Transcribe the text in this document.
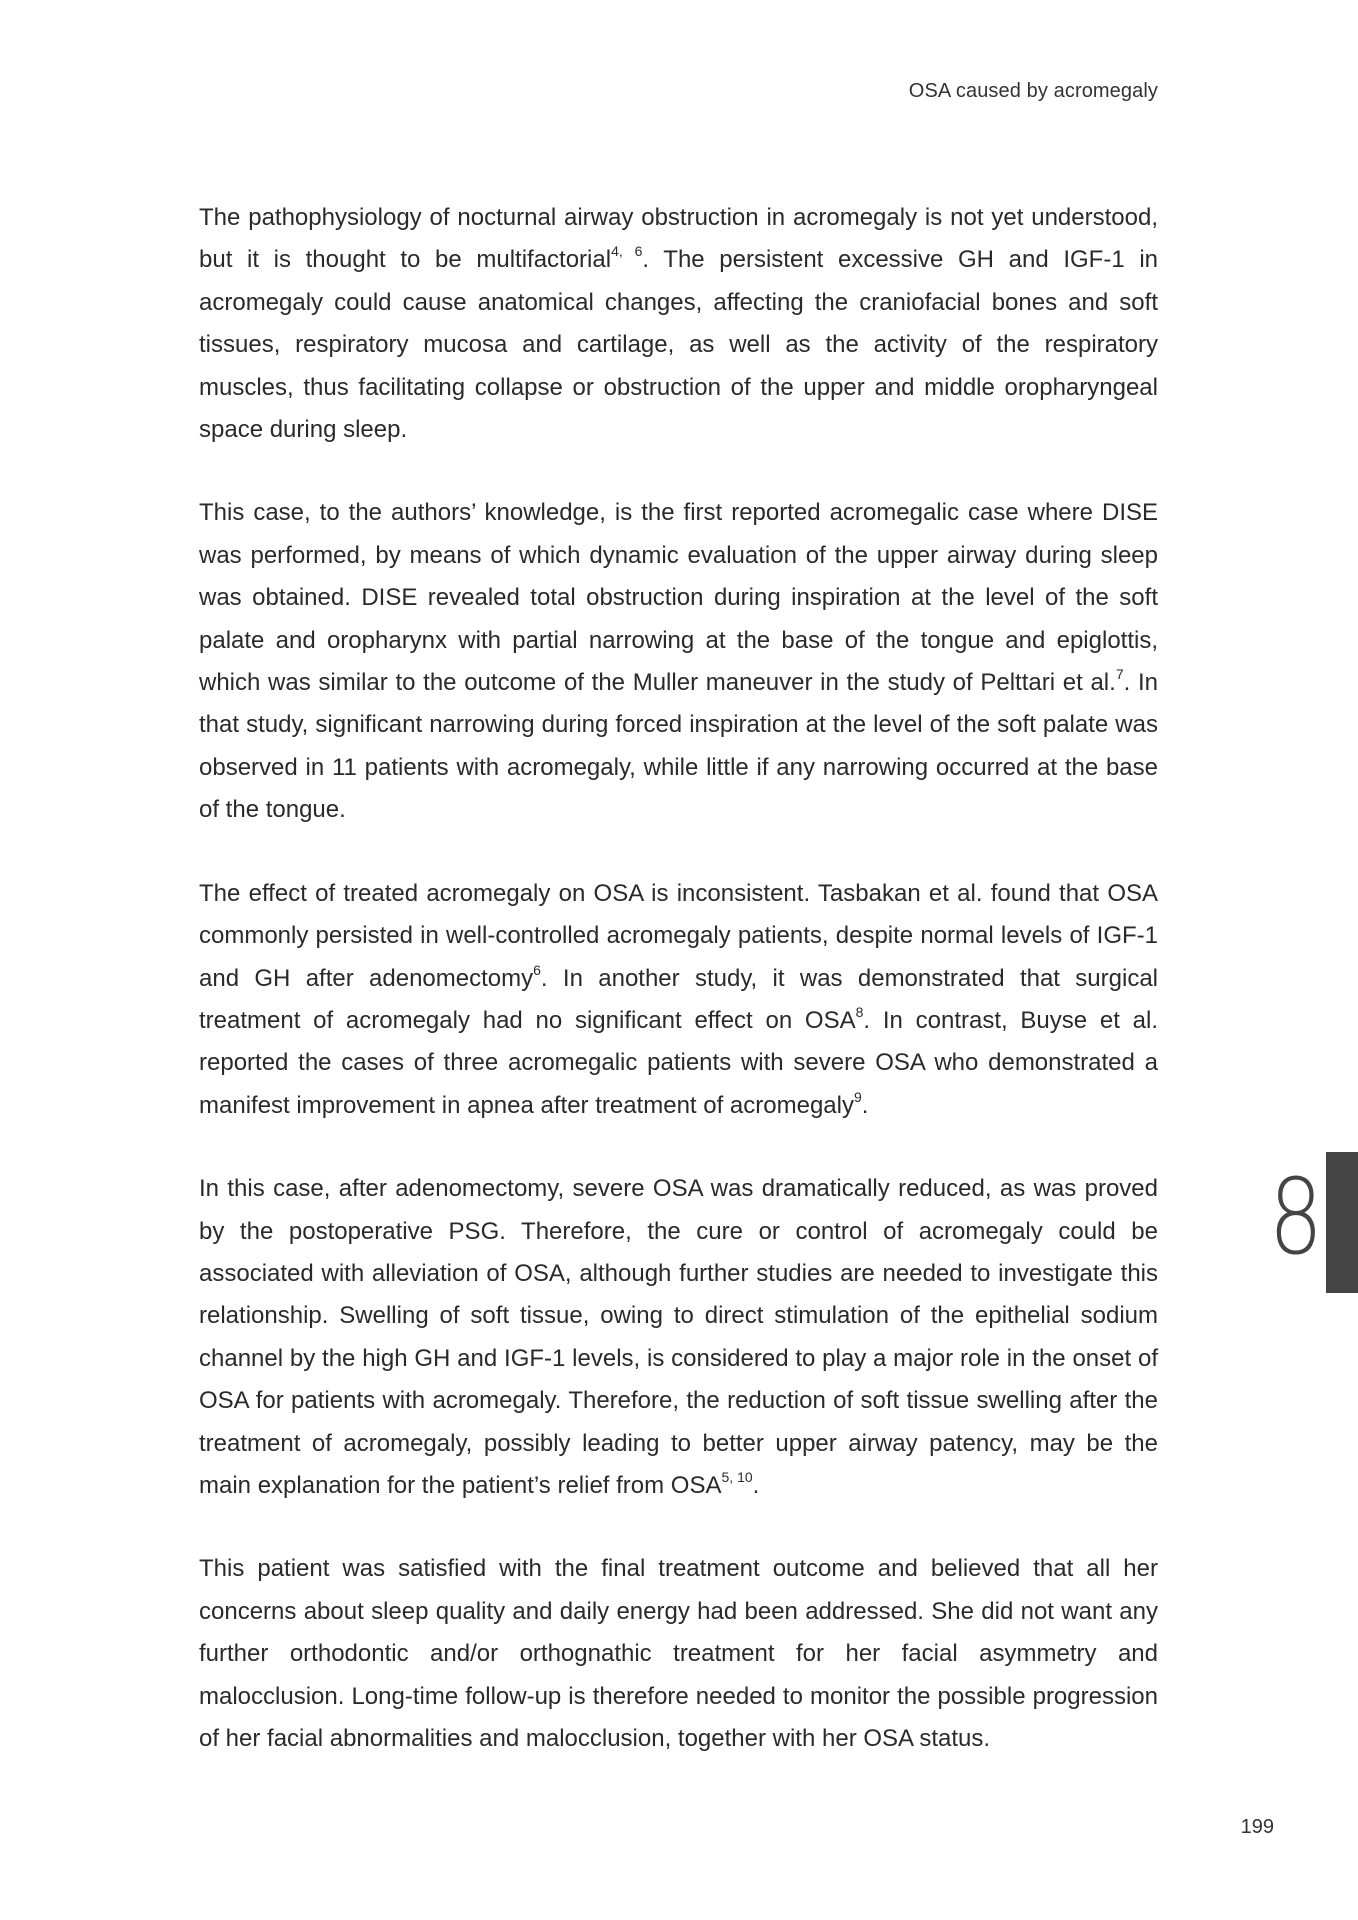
OSA caused by acromegaly

The pathophysiology of nocturnal airway obstruction in acromegaly is not yet understood, but it is thought to be multifactorial$^{4, 6}$. The persistent excessive GH and IGF-1 in acromegaly could cause anatomical changes, affecting the craniofacial bones and soft tissues, respiratory mucosa and cartilage, as well as the activity of the respiratory muscles, thus facilitating collapse or obstruction of the upper and middle oropharyngeal space during sleep.

This case, to the authors’ knowledge, is the first reported acromegalic case where DISE was performed, by means of which dynamic evaluation of the upper airway during sleep was obtained. DISE revealed total obstruction during inspiration at the level of the soft palate and oropharynx with partial narrowing at the base of the tongue and epiglottis, which was similar to the outcome of the Muller maneuver in the study of Pelttari et al.$^7$. In that study, significant narrowing during forced inspiration at the level of the soft palate was observed in 11 patients with acromegaly, while little if any narrowing occurred at the base of the tongue.

The effect of treated acromegaly on OSA is inconsistent. Tasbakan et al. found that OSA commonly persisted in well-controlled acromegaly patients, despite normal levels of IGF-1 and GH after adenomectomy$^6$. In another study, it was demonstrated that surgical treatment of acromegaly had no significant effect on OSA$^8$. In contrast, Buyse et al. reported the cases of three acromegalic patients with severe OSA who demonstrated a manifest improvement in apnea after treatment of acromegaly$^9$.

In this case, after adenomectomy, severe OSA was dramatically reduced, as was proved by the postoperative PSG. Therefore, the cure or control of acromegaly could be associated with alleviation of OSA, although further studies are needed to investigate this relationship. Swelling of soft tissue, owing to direct stimulation of the epithelial sodium channel by the high GH and IGF-1 levels, is considered to play a major role in the onset of OSA for patients with acromegaly. Therefore, the reduction of soft tissue swelling after the treatment of acromegaly, possibly leading to better upper airway patency, may be the main explanation for the patient’s relief from OSA$^{5, 10}$.

This patient was satisfied with the final treatment outcome and believed that all her concerns about sleep quality and daily energy had been addressed. She did not want any further orthodontic and/or orthognathic treatment for her facial asymmetry and malocclusion. Long-time follow-up is therefore needed to monitor the possible progression of her facial abnormalities and malocclusion, together with her OSA status.

8
199
